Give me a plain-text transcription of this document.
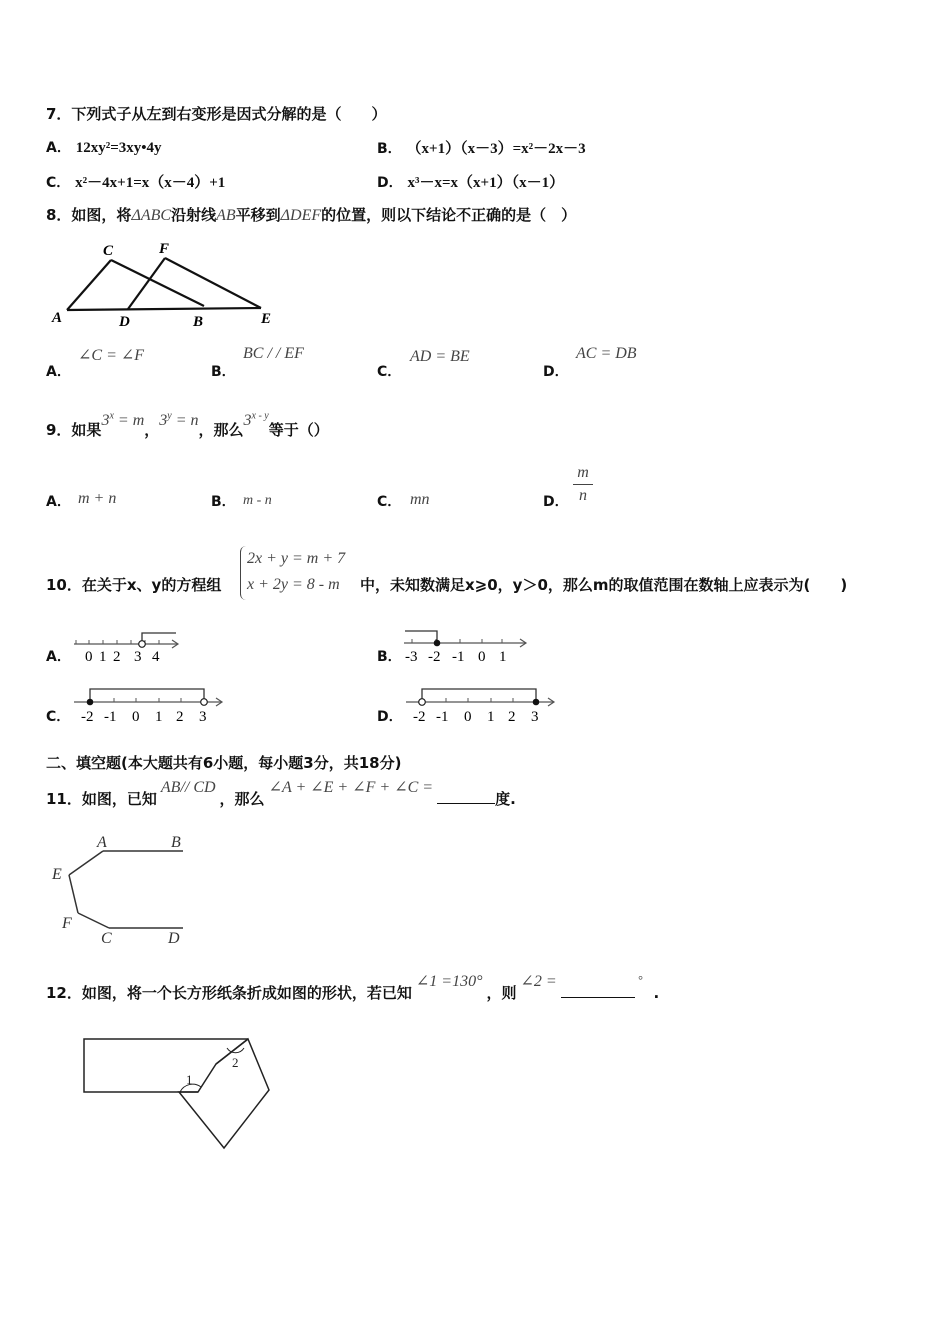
7．下列式子从左到右变形是因式分解的是（　　）
A． 12xy²=3xy•4y	B． （x+1）（x－3）=x²－2x－3
C． x²－4x+1=x（x－4）+1	D． x³－x=x（x+1）（x－1）
8．如图，将ΔABC沿射线AB平移到ΔDEF的位置，则以下结论不正确的是（　）
A
C
D
F
B	E
A．
∠C = ∠F
B．
BC / / EF
C．
AD = BE
D．
AC = DB
9．如果$3^x = m$，$3^y = n$，那么3$^{x - y}$等于（）
A． m + n	B． m - n	C． mn	D．
m
n
10．在关于x、y的方程组
2x + y = m + 7
x + 2y = 8 - m	中，未知数满足x⩾0，y＞0，那么m的取值范围在数轴上应表示为(　　)
A． 0 1 2 3 4	B． -3 -2 -1 0 1
C． -2 -1 0 1 2 3	D． -2 -1 0 1 2 3
二、填空题(本大题共有6小题，每小题3分，共18分)
11．如图，已知AB// CD，那么∠A + ∠E + ∠F + ∠C =度.
A	B
E
F
C	D
12．如图，将一个长方形纸条折成如图的形状，若已知∠1 =130°，则∠2 =	°.
1
2
